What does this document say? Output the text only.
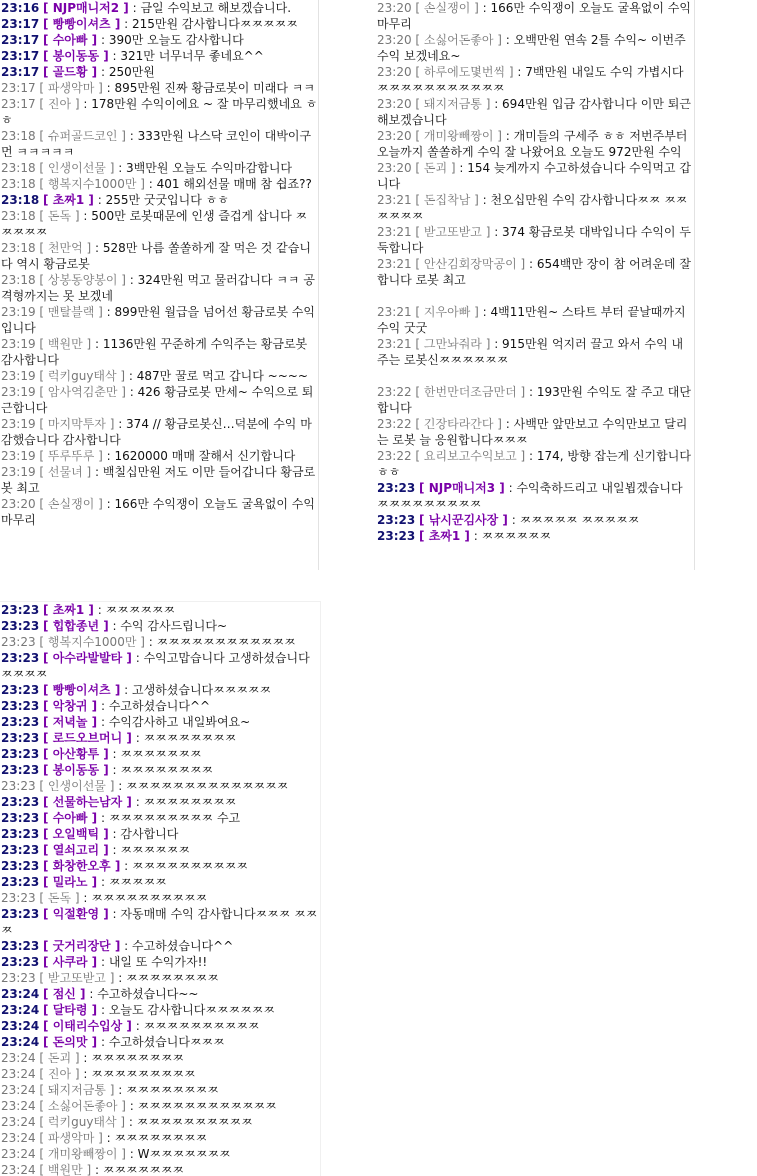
23:16 [ NJP매니저2 ] : 금일 수익보고 해보겠습니다.
23:17 [ 빵빵이셔츠 ] : 215만원 감사합니다ㅉㅉㅉㅉㅉ
23:17 [ 수아빠 ] : 390만 오늘도 감사합니다
23:17 [ 봉이동동 ] : 321만 너무너무 좋네요^^
23:17 [ 골드황 ] : 250만원
23:17 [ 파생악마 ] : 895만원 진짜 황금로봇이 미래다 ㅋㅋ
23:17 [ 진아 ] : 178만원 수익이에요 ~ 잘 마무리했네요 ㅎㅎ
23:18 [ 슈퍼골드코인 ] : 333만원 나스닥 코인이 대박이구먼 ㅋㅋㅋㅋㅋ
23:18 [ 인생이선물 ] : 3백만원 오늘도 수익마감합니다
23:18 [ 행복지수1000만 ] : 401 해외선물 매매 참 쉽죠??
23:18 [ 초짜1 ] : 255만 굿굿입니다 ㅎㅎ
23:18 [ 돈독 ] : 500만 로봇때문에 인생 즐겁게 삽니다 ㅉㅉㅉㅉㅉ
23:18 [ 천만억 ] : 528만 나름 쏠쏠하게 잘 먹은 것 같습니다 역시 황금로봇
23:18 [ 상봉동양봉이 ] : 324만원 먹고 물러갑니다 ㅋㅋ 공격형까지는 못 보겠네
23:19 [ 맨탈블랙 ] : 899만원 월급을 넘어선 황금로봇 수익입니다
23:19 [ 백원만 ] : 1136만원 꾸준하게 수익주는 황금로봇 감사합니다
23:19 [ 럭키guy태삭 ] : 487만 꿀로 먹고 갑니다 ~~~~
23:19 [ 암사역김춘만 ] : 426 황금로봇 만세~ 수익으로 퇴근합니다
23:19 [ 마지막투자 ] : 374 // 황금로봇신…덕분에 수익 마감했습니다 감사합니다
23:19 [ 뚜루뚜루 ] : 1620000 매매 잘해서 신기합니다
23:19 [ 선물녀 ] : 백칠십만원 저도 이만 들어갑니다 황금로봇 최고
23:20 [ 손실쟁이 ] : 166만 수익쟁이 오늘도 굴욕없이 수익 마무리
23:20 [ 손실쟁이 ] : 166만 수익쟁이 오늘도 굴욕없이 수익 마무리
23:20 [ 소싫어돈좋아 ] : 오백만원 연속 2틀 수익~ 이번주 수익 보겠네요~
23:20 [ 하루에도몇번씩 ] : 7백만원 내일도 수익 가볍시다ㅉㅉㅉㅉㅉㅉㅉㅉㅉㅉㅉ
23:20 [ 돼지저금통 ] : 694만원 입금 감사합니다 이만 퇴근해보겠습니다
23:20 [ 개미왕빼짱이 ] : 개미들의 구세주 ㅎㅎ 저번주부터 오늘까지 쏠쏠하게 수익 잘 나왔어요 오늘도 972만원 수익
23:20 [ 돈괴 ] : 154 늦게까지 수고하셨습니다 수익먹고 갑니다
23:21 [ 돈집착남 ] : 천오십만원 수익 감사합니다ㅉㅉ ㅉㅉㅉㅉㅉㅉ
23:21 [ 받고또받고 ] : 374 황금로봇 대박입니다 수익이 두둑합니다
23:21 [ 안산김회장막공이 ] : 654백만 장이 참 어려운데 잘합니다 로봇 최고
23:21 [ 지우아빠 ] : 4백11만원~ 스타트 부터 끝날때까지 수익 굿굿
23:21 [ 그만놔줘라 ] : 915만원 억지러 끌고 와서 수익 내주는 로봇신ㅉㅉㅉㅉㅉㅉ
23:22 [ 한번만더조금만더 ] : 193만원 수익도 잘 주고 대단합니다
23:22 [ 긴장타라간다 ] : 사백만 앞만보고 수익만보고 달리는 로봇 늘 응원합니다ㅉㅉㅉ
23:22 [ 요리보고수익보고 ] : 174, 방향 잡는게 신기합니다ㅎㅎ
23:23 [ NJP매니저3 ] : 수익축하드리고 내일뵙겠습니다 ㅉㅉㅉㅉㅉㅉㅉㅉㅉ
23:23 [ 낚시꾼김사장 ] : ㅉㅉㅉㅉㅉ ㅉㅉㅉㅉㅉ
23:23 [ 초짜1 ] : ㅉㅉㅉㅉㅉㅉ
23:23 [ 초짜1 ] : ㅉㅉㅉㅉㅉㅉ
23:23 [ 힙합종년 ] : 수익 감사드립니다~
23:23 [ 행복지수1000만 ] : ㅉㅉㅉㅉㅉㅉㅉㅉㅉㅉㅉㅉ
23:23 [ 아수라발발타 ] : 수익고맙습니다 고생하셨습니다ㅉㅉㅉㅉ
23:23 [ 빵빵이셔츠 ] : 고생하셨습니다ㅉㅉㅉㅉㅉ
23:23 [ 악창귀 ] : 수고하셨습니다^^
23:23 [ 저녁놀 ] : 수익감사하고 내일봐여요~
23:23 [ 로드오브머니 ] : ㅉㅉㅉㅉㅉㅉㅉㅉ
23:23 [ 아산황투 ] : ㅉㅉㅉㅉㅉㅉㅉ
23:23 [ 봉이동동 ] : ㅉㅉㅉㅉㅉㅉㅉㅉ
23:23 [ 인생이선물 ] : ㅉㅉㅉㅉㅉㅉㅉㅉㅉㅉㅉㅉㅉㅉ
23:23 [ 선물하는남자 ] : ㅉㅉㅉㅉㅉㅉㅉㅉ
23:23 [ 수아빠 ] : ㅉㅉㅉㅉㅉㅉㅉㅉㅉ 수고
23:23 [ 오일백틱 ] : 감사합니다
23:23 [ 열쇠고리 ] : ㅉㅉㅉㅉㅉㅉ
23:23 [ 화창한오후 ] : ㅉㅉㅉㅉㅉㅉㅉㅉㅉㅉ
23:23 [ 밀라노 ] : ㅉㅉㅉㅉㅉ
23:23 [ 돈독 ] : ㅉㅉㅉㅉㅉㅉㅉㅉㅉㅉ
23:23 [ 익절환영 ] : 자동매매 수익 감사합니다ㅉㅉㅉ ㅉㅉㅉ
23:23 [ 굿거리장단 ] : 수고하셨습니다^^
23:23 [ 사쿠라 ] : 내일 또 수익가자!!
23:23 [ 받고또받고 ] : ㅉㅉㅉㅉㅉㅉㅉㅉ
23:24 [ 점신 ] : 수고하셨습니다~~
23:24 [ 달타령 ] : 오늘도 감사합니다ㅉㅉㅉㅉㅉㅉ
23:24 [ 이태리수입상 ] : ㅉㅉㅉㅉㅉㅉㅉㅉㅉㅉ
23:24 [ 돈의맛 ] : 수고하셨습니다ㅉㅉㅉ
23:24 [ 돈괴 ] : ㅉㅉㅉㅉㅉㅉㅉㅉ
23:24 [ 진아 ] : ㅉㅉㅉㅉㅉㅉㅉㅉㅉ
23:24 [ 돼지저금통 ] : ㅉㅉㅉㅉㅉㅉㅉㅉ
23:24 [ 소싫어돈좋아 ] : ㅉㅉㅉㅉㅉㅉㅉㅉㅉㅉㅉㅉ
23:24 [ 럭키guy태삭 ] : ㅉㅉㅉㅉㅉㅉㅉㅉㅉㅉ
23:24 [ 파생악마 ] : ㅉㅉㅉㅉㅉㅉㅉㅉ
23:24 [ 개미왕빼짱이 ] : Wㅉㅉㅉㅉㅉㅉㅉ
23:24 [ 백원만 ] : ㅉㅉㅉㅉㅉㅉㅉ
